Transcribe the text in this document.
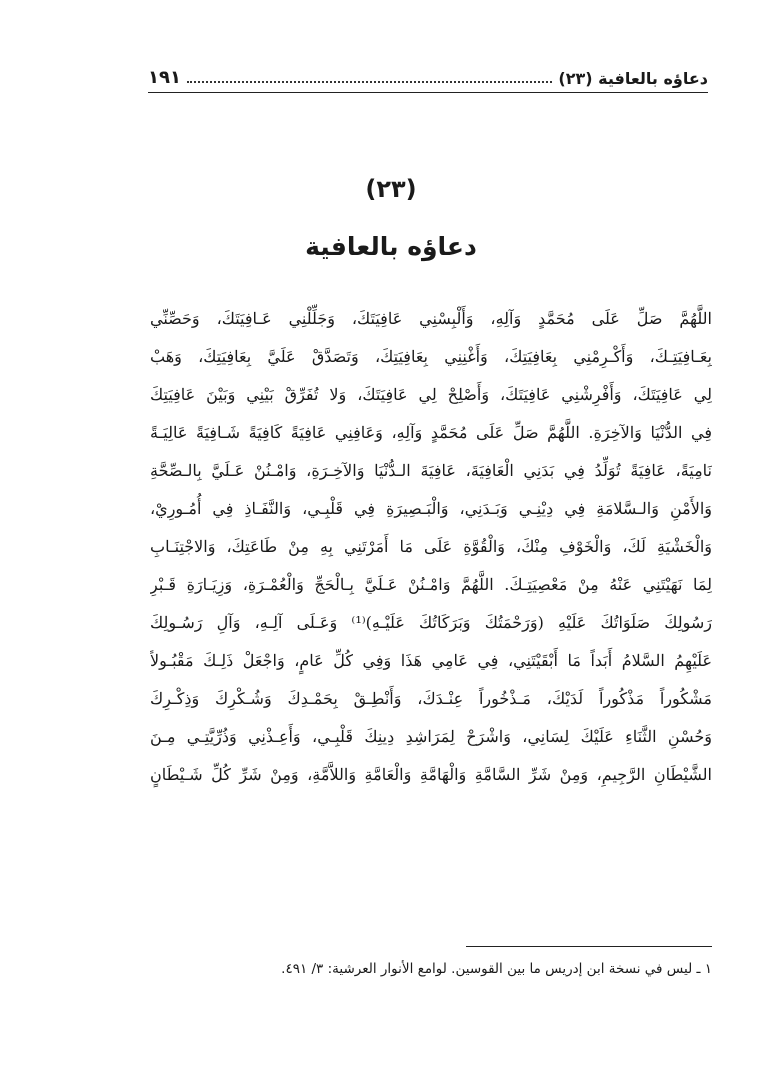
دعاؤه بالعافية (٢٣)
١٩١
(٢٣)
دعاؤه بالعافية
اللَّهُمَّ صَلِّ عَلَى مُحَمَّدٍ وَآلِهِ، وَأَلْبِسْنِي عَافِيَتَكَ، وَجَلِّلْنِي عَـافِيَتَكَ، وَحَصِّنِّي
بِعَـافِيَتِـكَ، وَأَكْـرِمْنِي بِعَافِيَتِكَ، وَأَغْنِنِي بِعَافِيَتِكَ، وَتَصَدَّقْ عَلَيَّ بِعَافِيَتِكَ، وَهَبْ
لِي عَافِيَتَكَ، وَأَفْرِشْنِي عَافِيَتَكَ، وَأَصْلِحْ لِي عَافِيَتَكَ، وَلا تُفَرِّقْ بَيْنِي وَبَيْنَ عَافِيَتِكَ
فِي الدُّنْيَا وَالآخِرَةِ. اللَّهُمَّ صَلِّ عَلَى مُحَمَّدٍ وَآلِهِ، وَعَافِنِي عَافِيَةً كَافِيَةً شَـافِيَةً عَالِيَـةً
نَامِيَةً، عَافِيَةً تُوَلِّدُ فِي بَدَنِي الْعَافِيَةَ، عَافِيَةَ الـدُّنْيَا وَالآخِـرَةِ، وَامْـنُنْ عَـلَيَّ بِالـصِّحَّةِ
وَالأَمْنِ وَالـسَّلامَةِ فِي دِيْنِـي وَبَـدَنِي، وَالْبَـصِيرَةِ فِي قَلْبِـي، وَالنَّفَـاذِ فِي أُمُـورِيْ،
وَالْخَشْيَةِ لَكَ، وَالْخَوْفِ مِنْكَ، وَالْقُوَّةِ عَلَى مَا أَمَرْتَنِي بِهِ مِنْ طَاعَتِكَ، وَالاجْتِنَـابِ
لِمَا نَهَيْتَنِي عَنْهُ مِنْ مَعْصِيَتِـكَ. اللَّهُمَّ وَامْـنُنْ عَـلَيَّ بِـالْحَجِّ وَالْعُمْـرَةِ، وَزِيَـارَةِ قَـبْرِ
رَسُولِكَ صَلَوَاتُكَ عَلَيْهِ (وَرَحْمَتُكَ وَبَرَكَاتُكَ عَلَيْـهِ)⁽¹⁾ وَعَـلَى آلِـهِ، وَآلِ رَسُـولِكَ
عَلَيْهِمُ السَّلامُ أَبَداً مَا أَبْقَيْتَنِي، فِي عَامِي هَذَا وَفِي كُلِّ عَامٍ، وَاجْعَلْ ذَلِـكَ مَقْبُـولاً
مَشْكُوراً مَذْكُوراً لَدَيْكَ، مَـذْخُوراً عِنْـدَكَ، وَأَنْطِـقْ بِحَمْـدِكَ وَشُـكْرِكَ وَذِكْـرِكَ
وَحُسْنِ الثَّنَاءِ عَلَيْكَ لِسَانِي، وَاشْرَحْ لِمَرَاشِدِ دِينِكَ قَلْبِـي، وَأَعِـذْنِي وَذُرِّيَّتِـي مِـنَ
الشَّيْطَانِ الرَّجِيمِ، وَمِنْ شَرِّ السَّامَّةِ وَالْهَامَّةِ وَالْعَامَّةِ وَاللاَّمَّةِ، وَمِنْ شَرِّ كُلِّ شَـيْطَانٍ
١ ـ ليس في نسخة ابن إدريس ما بين القوسين. لوامع الأنوار العرشية: ٣/ ٤٩١.
